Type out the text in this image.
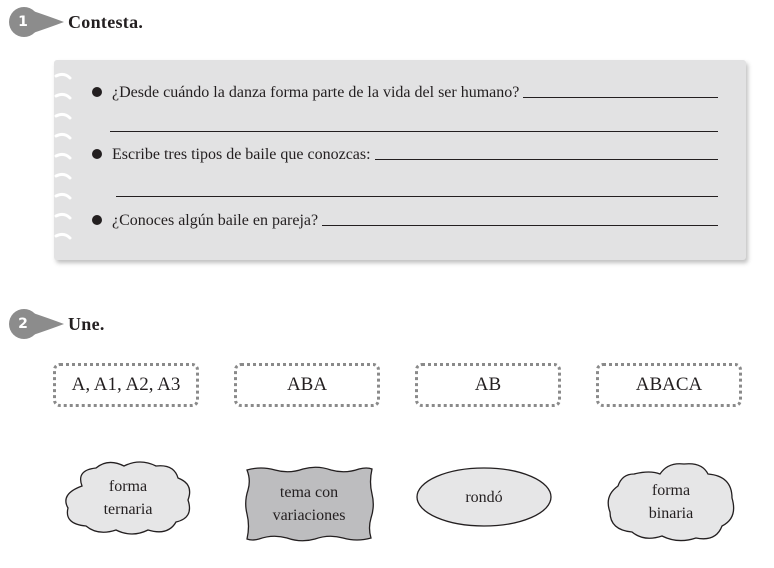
1	Contesta.
¿Desde cuándo la danza forma parte de la vida del ser humano?
Escribe tres tipos de baile que conozcas:
¿Conoces algún baile en pareja?
2	Une.
A, A1, A2, A3	ABA	AB	ABACA
forma
ternaria
tema con
variaciones
rondó	forma
binaria
